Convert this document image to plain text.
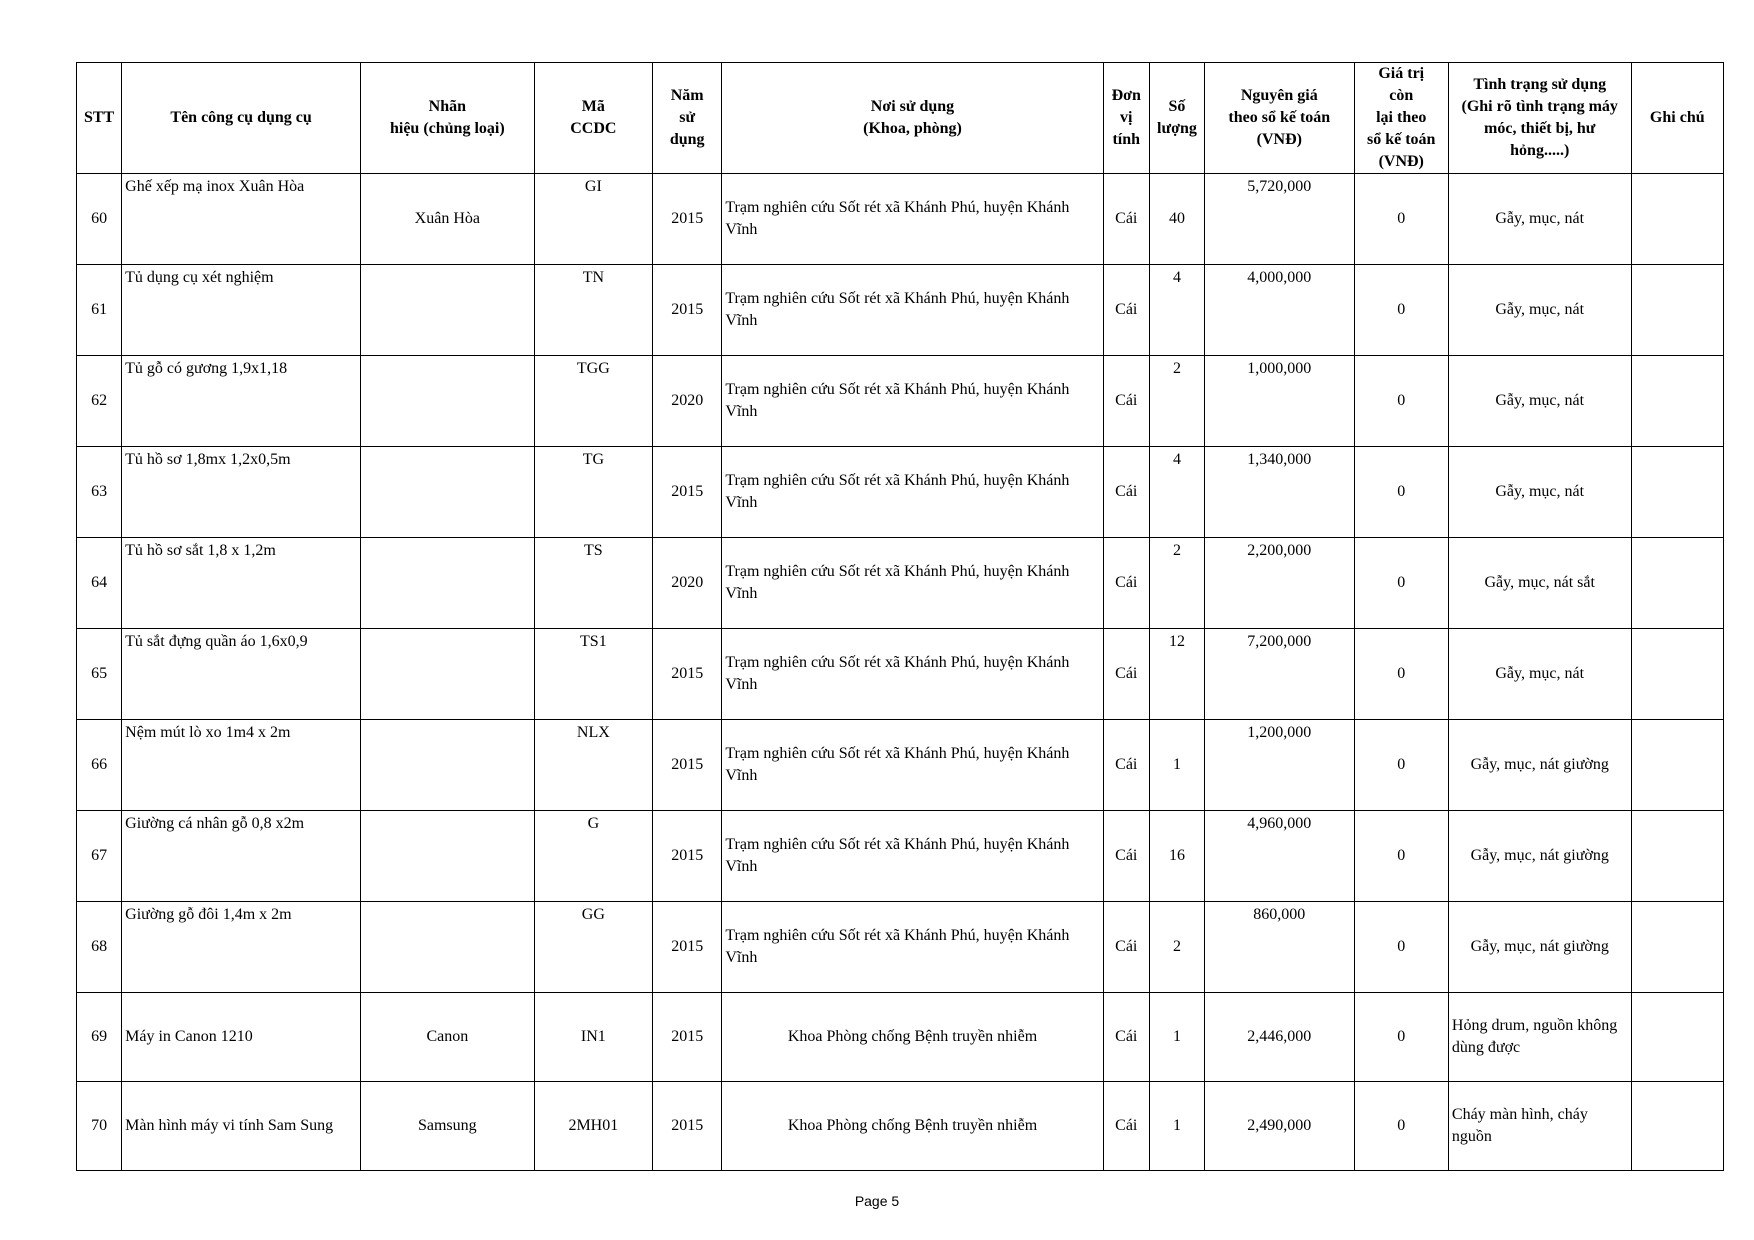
STT	Tên công cụ dụng cụ	Nhãn
hiệu (chủng loại)	Mã
CCDC	Năm
sử
dụng	Nơi sử dụng
(Khoa, phòng)	Đơn
vị
tính	Số
lượng	Nguyên giá
theo sổ kế toán
(VNĐ)	Giá trị
còn
lại theo
sổ kế toán
(VNĐ)	Tình trạng sử dụng
(Ghi rõ tình trạng máy
móc, thiết bị, hư
hỏng.....)	Ghi chú
60	Ghế xếp mạ inox Xuân Hòa	Xuân Hòa	GI	2015	Trạm nghiên cứu Sốt rét xã Khánh Phú, huyện Khánh Vĩnh	Cái	40	5,720,000	0	Gẫy, mục, nát	
61	Tủ dụng cụ xét nghiệm		TN	2015	Trạm nghiên cứu Sốt rét xã Khánh Phú, huyện Khánh Vĩnh	Cái	4	4,000,000	0	Gẫy, mục, nát	
62	Tủ gỗ có gương 1,9x1,18		TGG	2020	Trạm nghiên cứu Sốt rét xã Khánh Phú, huyện Khánh Vĩnh	Cái	2	1,000,000	0	Gẫy, mục, nát	
63	Tủ hồ sơ 1,8mx 1,2x0,5m		TG	2015	Trạm nghiên cứu Sốt rét xã Khánh Phú, huyện Khánh Vĩnh	Cái	4	1,340,000	0	Gẫy, mục, nát	
64	Tủ hồ sơ sắt 1,8 x 1,2m		TS	2020	Trạm nghiên cứu Sốt rét xã Khánh Phú, huyện Khánh Vĩnh	Cái	2	2,200,000	0	Gẫy, mục, nát sắt	
65	Tủ sắt đựng quần áo 1,6x0,9		TS1	2015	Trạm nghiên cứu Sốt rét xã Khánh Phú, huyện Khánh Vĩnh	Cái	12	7,200,000	0	Gẫy, mục, nát	
66	Nệm mút lò xo 1m4 x 2m		NLX	2015	Trạm nghiên cứu Sốt rét xã Khánh Phú, huyện Khánh Vĩnh	Cái	1	1,200,000	0	Gẫy, mục, nát giường	
67	Giường cá nhân gỗ 0,8 x2m		G	2015	Trạm nghiên cứu Sốt rét xã Khánh Phú, huyện Khánh Vĩnh	Cái	16	4,960,000	0	Gẫy, mục, nát giường	
68	Giường gỗ đôi 1,4m x 2m		GG	2015	Trạm nghiên cứu Sốt rét xã Khánh Phú, huyện Khánh Vĩnh	Cái	2	860,000	0	Gẫy, mục, nát giường	
69	Máy in Canon 1210	Canon	IN1	2015	Khoa Phòng chống Bệnh truyền nhiễm	Cái	1	2,446,000	0	Hỏng drum, nguồn không dùng được	
70	Màn hình máy vi tính Sam Sung	Samsung	2MH01	2015	Khoa Phòng chống Bệnh truyền nhiễm	Cái	1	2,490,000	0	Cháy màn hình, cháy nguồn	
Page 5
